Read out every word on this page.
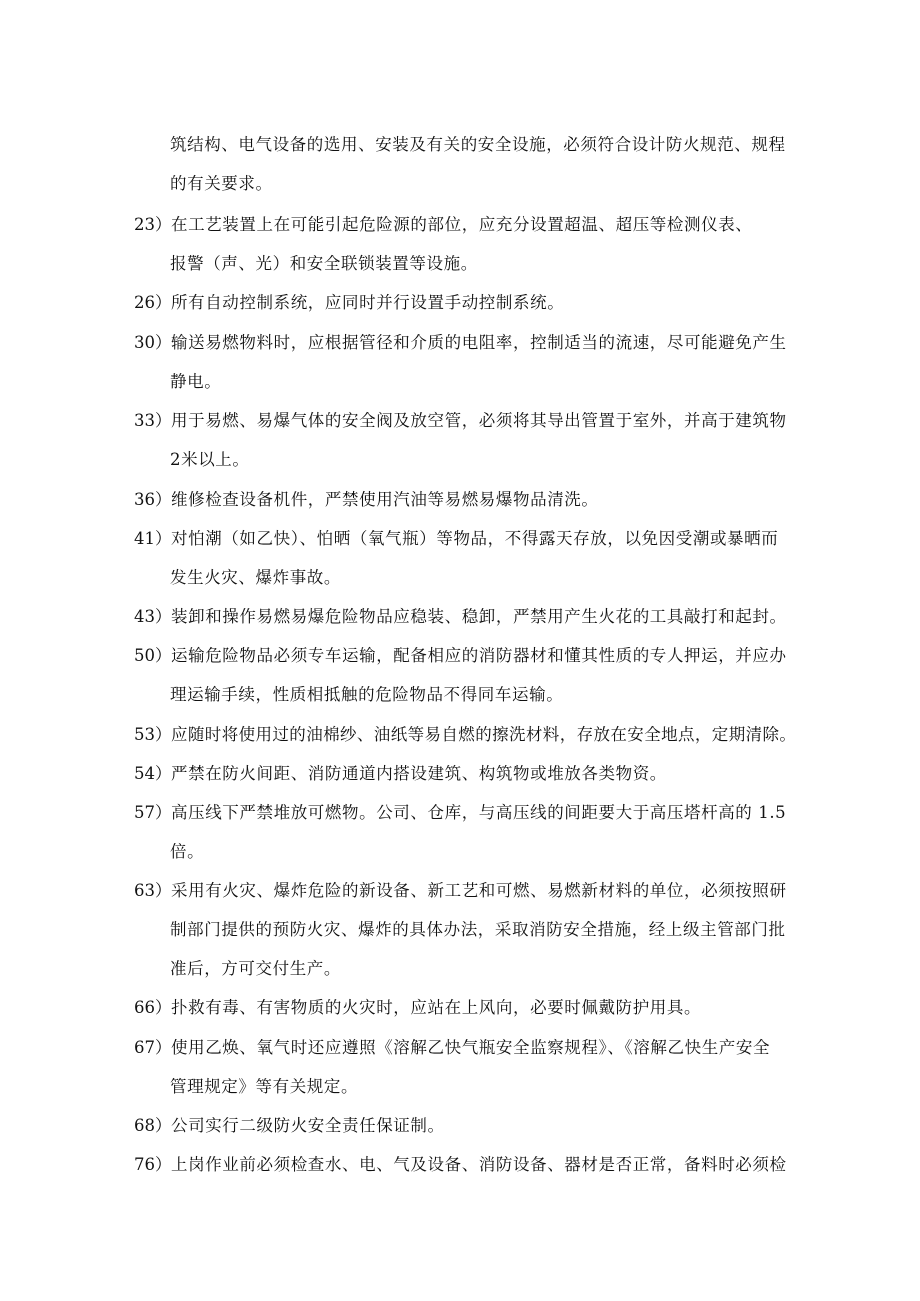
筑结构、电气设备的选用、安装及有关的安全设施，必须符合设计防火规范、规程
的有关要求。
23） 在工艺装置上在可能引起危险源的部位，应充分设置超温、超压等检测仪表、
报警（声、光）和安全联锁装置等设施。
26） 所有自动控制系统，应同时并行设置手动控制系统。
30） 输送易燃物料时，应根据管径和介质的电阻率，控制适当的流速，尽可能避免产生
静电。
33） 用于易燃、易爆气体的安全阀及放空管，必须将其导出管置于室外，并高于建筑物
2米以上。
36） 维修检查设备机件，严禁使用汽油等易燃易爆物品清洗。
41） 对怕潮（如乙快）、怕晒（氧气瓶）等物品，不得露天存放，以免因受潮或暴晒而
发生火灾、爆炸事故。
43） 装卸和操作易燃易爆危险物品应稳装、稳卸，严禁用产生火花的工具敲打和起封。
50） 运输危险物品必须专车运输，配备相应的消防器材和懂其性质的专人押运，并应办
理运输手续，性质相抵触的危险物品不得同车运输。
53） 应随时将使用过的油棉纱、油纸等易自燃的擦洗材料，存放在安全地点，定期清除。
54） 严禁在防火间距、消防通道内搭设建筑、构筑物或堆放各类物资。
57） 高压线下严禁堆放可燃物。公司、仓库，与高压线的间距要大于高压塔杆高的 1.5
倍。
63） 采用有火灾、爆炸危险的新设备、新工艺和可燃、易燃新材料的单位，必须按照研
制部门提供的预防火灾、爆炸的具体办法，采取消防安全措施，经上级主管部门批
准后，方可交付生产。
66） 扑救有毒、有害物质的火灾时，应站在上风向，必要时佩戴防护用具。
67） 使用乙焕、氧气时还应遵照《溶解乙快气瓶安全监察规程》、《溶解乙快生产安全
管理规定》等有关规定。
68） 公司实行二级防火安全责任保证制。
76） 上岗作业前必须检查水、电、气及设备、消防设备、器材是否正常，备料时必须检
